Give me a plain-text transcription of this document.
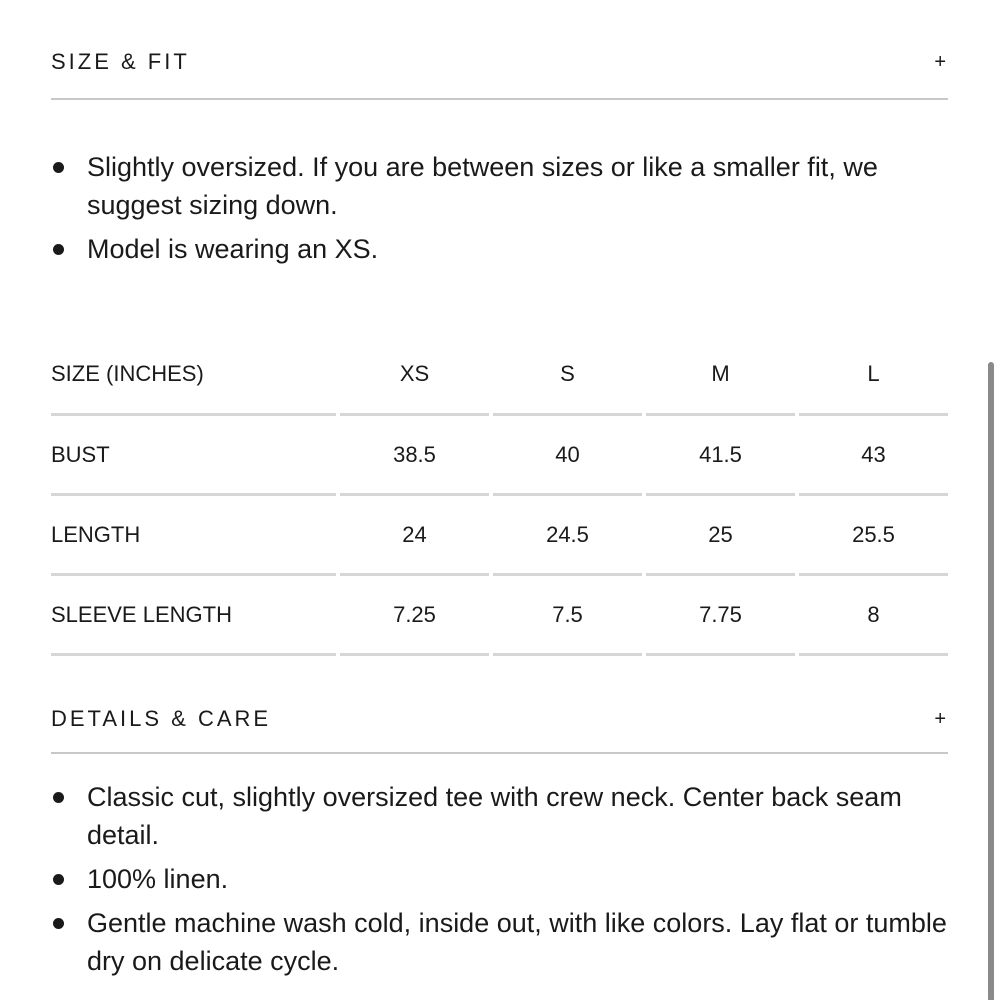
SIZE & FIT	+
Slightly oversized. If you are between sizes or like a smaller fit, we suggest sizing down.
Model is wearing an XS.
SIZE (INCHES)	XS	S	M	L
BUST	38.5	40	41.5	43
LENGTH	24	24.5	25	25.5
SLEEVE LENGTH	7.25	7.5	7.75	8
DETAILS & CARE	+
Classic cut, slightly oversized tee with crew neck. Center back seam detail.
100% linen.
Gentle machine wash cold, inside out, with like colors. Lay flat or tumble dry on delicate cycle.
